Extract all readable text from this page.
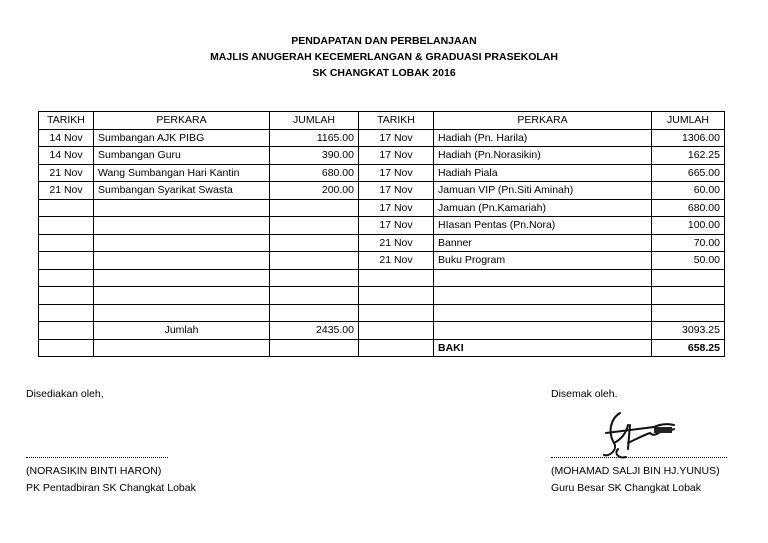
PENDAPATAN DAN PERBELANJAAN
MAJLIS ANUGERAH KECEMERLANGAN & GRADUASI PRASEKOLAH
SK CHANGKAT LOBAK 2016
TARIKH	PERKARA	JUMLAH	TARIKH	PERKARA	JUMLAH
14 Nov	Sumbangan AJK PIBG	1165.00	17 Nov	Hadiah (Pn. Harila)	1306.00
14 Nov	Sumbangan Guru	390.00	17 Nov	Hadiah (Pn.Norasikin)	162.25
21 Nov	Wang Sumbangan Hari Kantin	680.00	17 Nov	Hadiah Piala	665.00
21 Nov	Sumbangan Syarikat Swasta	200.00	17 Nov	Jamuan VIP (Pn.Siti Aminah)	60.00
			17 Nov	Jamuan (Pn.Kamariah)	680.00
			17 Nov	HIasan Pentas (Pn.Nora)	100.00
			21 Nov	Banner	70.00
			21 Nov	Buku Program	50.00

	Jumlah	2435.00			3093.25
				BAKI	658.25
Disediakan oleh,
(NORASIKIN BINTI HARON)
PK Pentadbiran SK Changkat Lobak
Disemak oleh.
(MOHAMAD SALJI BIN HJ.YUNUS)
Guru Besar SK Changkat Lobak
